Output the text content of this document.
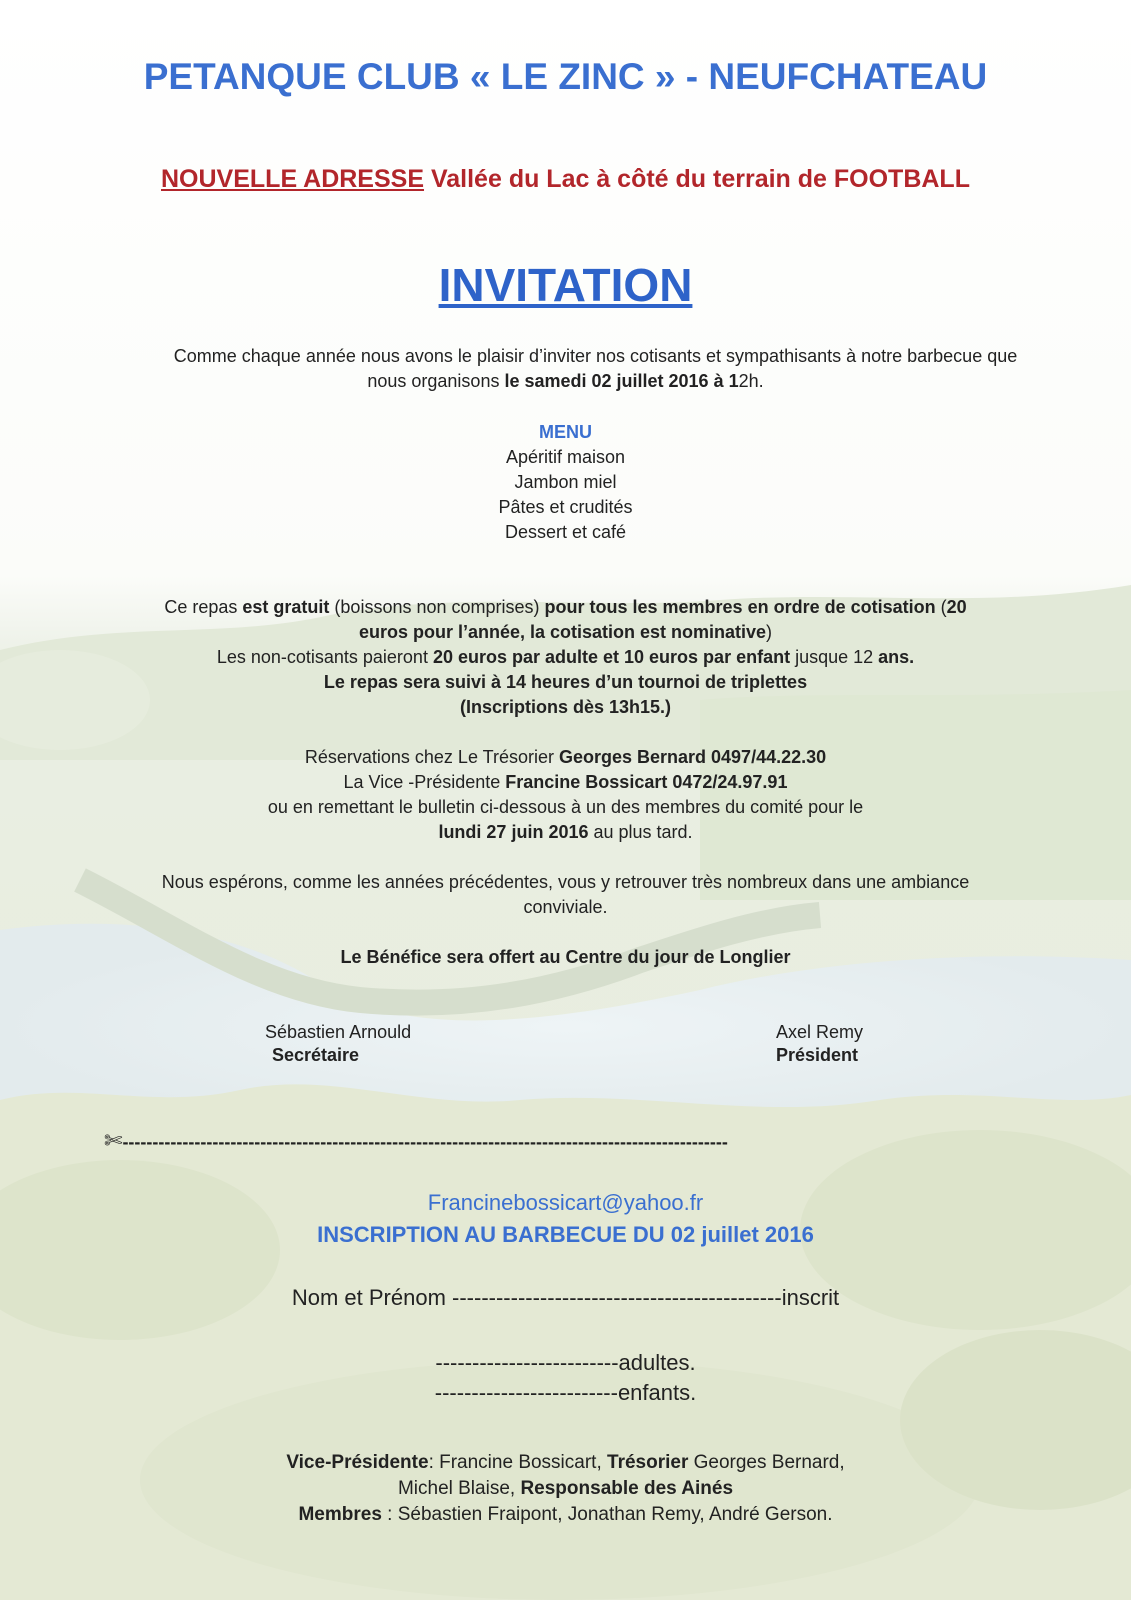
PETANQUE CLUB « LE ZINC » - NEUFCHATEAU
NOUVELLE ADRESSE Vallée du Lac à côté du terrain de FOOTBALL
INVITATION
Comme chaque année nous avons le plaisir d’inviter nos cotisants et sympathisants à notre barbecue que
nous organisons le samedi 02 juillet 2016 à 12h.
MENU
Apéritif maison
Jambon miel
Pâtes et crudités
Dessert et café
Ce repas est gratuit (boissons non comprises) pour tous les membres en ordre de cotisation (20
euros pour l’année, la cotisation est nominative)
Les non-cotisants paieront 20 euros par adulte et 10 euros par enfant jusque 12 ans.
Le repas sera suivi à 14 heures d’un tournoi de triplettes
(Inscriptions dès 13h15.)
Réservations chez Le Trésorier Georges Bernard 0497/44.22.30
La Vice -Présidente Francine Bossicart 0472/24.97.91
ou en remettant le bulletin ci-dessous à un des membres du comité pour le
lundi 27 juin 2016 au plus tard.
Nous espérons, comme les années précédentes, vous y retrouver très nombreux dans une ambiance
conviviale.
Le Bénéfice sera offert au Centre du jour de Longlier
Sébastien Arnould
Secrétaire
Axel Remy
Président
✄-----------------------------------------------------------------------------------------------------
Francinebossicart@yahoo.fr
INSCRIPTION AU BARBECUE DU 02 juillet 2016
Nom et Prénom ---------------------------------------------inscrit
-------------------------adultes.
-------------------------enfants.
Vice-Présidente: Francine Bossicart, Trésorier Georges Bernard,
Michel Blaise, Responsable des Ainés
Membres : Sébastien Fraipont, Jonathan Remy, André Gerson.
